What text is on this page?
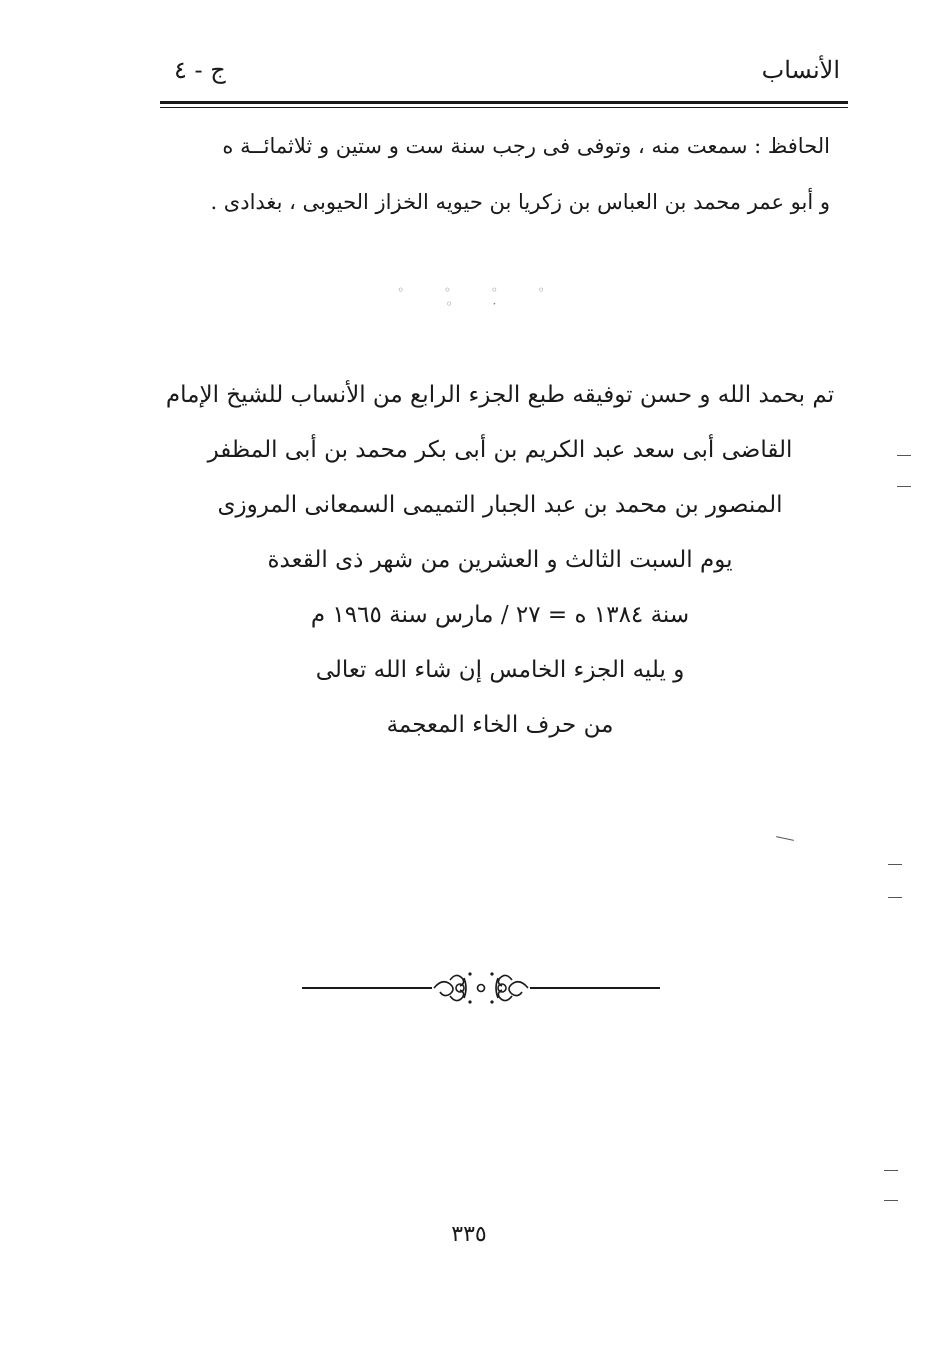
الأنساب
ج - ٤
الحافظ : سمعت منه ، وتوفى فى رجب سنة ست و ستين و ثلاثمائــة ه
و أبو عمر محمد بن العباس بن زكريا بن حيويه الخزاز الحيوبى ، بغدادى .
◦ ◦ ◦ ◦ ◦ ·
تم بحمد الله و حسن توفيقه طبع الجزء الرابع من الأنساب للشيخ الإمام
القاضى أبى سعد عبد الكريم بن أبى بكر محمد بن أبى المظفر
المنصور بن محمد بن عبد الجبار التميمى السمعانى المروزى
يوم السبت الثالث و العشرين من شهر ذى القعدة
سنة ١٣٨٤ ه = ٢٧ / مارس سنة ١٩٦٥ م
و يليه الجزء الخامس إن شاء الله تعالى
من حرف الخاء المعجمة
٣٣٥
